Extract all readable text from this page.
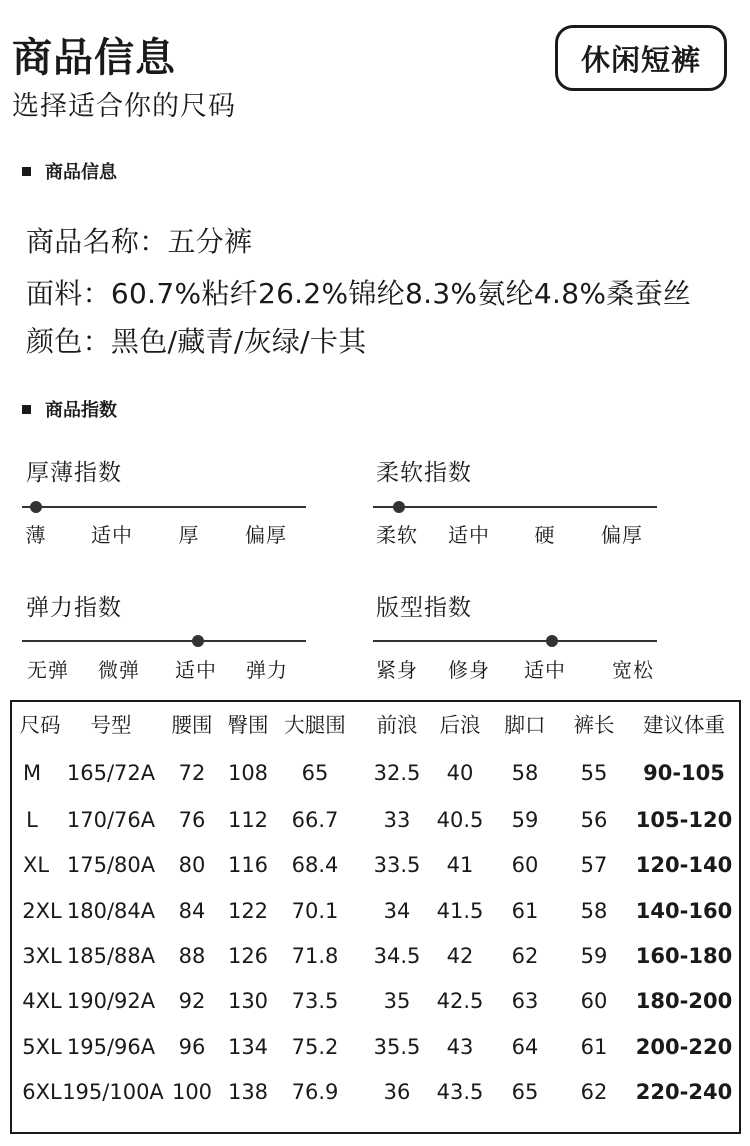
商品信息
选择适合你的尺码
休闲短裤
商品信息
商品名称：五分裤
面料：60.7%粘纤26.2%锦纶8.3%氨纶4.8%桑蚕丝
颜色：黑色/藏青/灰绿/卡其
商品指数
厚薄指数
薄 适中 厚 偏厚
柔软指数
柔软 适中 硬 偏厚
弹力指数
无弹 微弹 适中 弹力
版型指数
紧身 修身 适中 宽松
尺码 号型 腰围 臀围 大腿围 前浪 后浪 脚口 裤长 建议体重
M 165/72A 72 108 65 32.5 40 58 55 90-105
L 170/76A 76 112 66.7 33 40.5 59 56 105-120
XL 175/80A 80 116 68.4 33.5 41 60 57 120-140
2XL 180/84A 84 122 70.1 34 41.5 61 58 140-160
3XL 185/88A 88 126 71.8 34.5 42 62 59 160-180
4XL 190/92A 92 130 73.5 35 42.5 63 60 180-200
5XL 195/96A 96 134 75.2 35.5 43 64 61 200-220
6XL 195/100A 100 138 76.9 36 43.5 65 62 220-240
